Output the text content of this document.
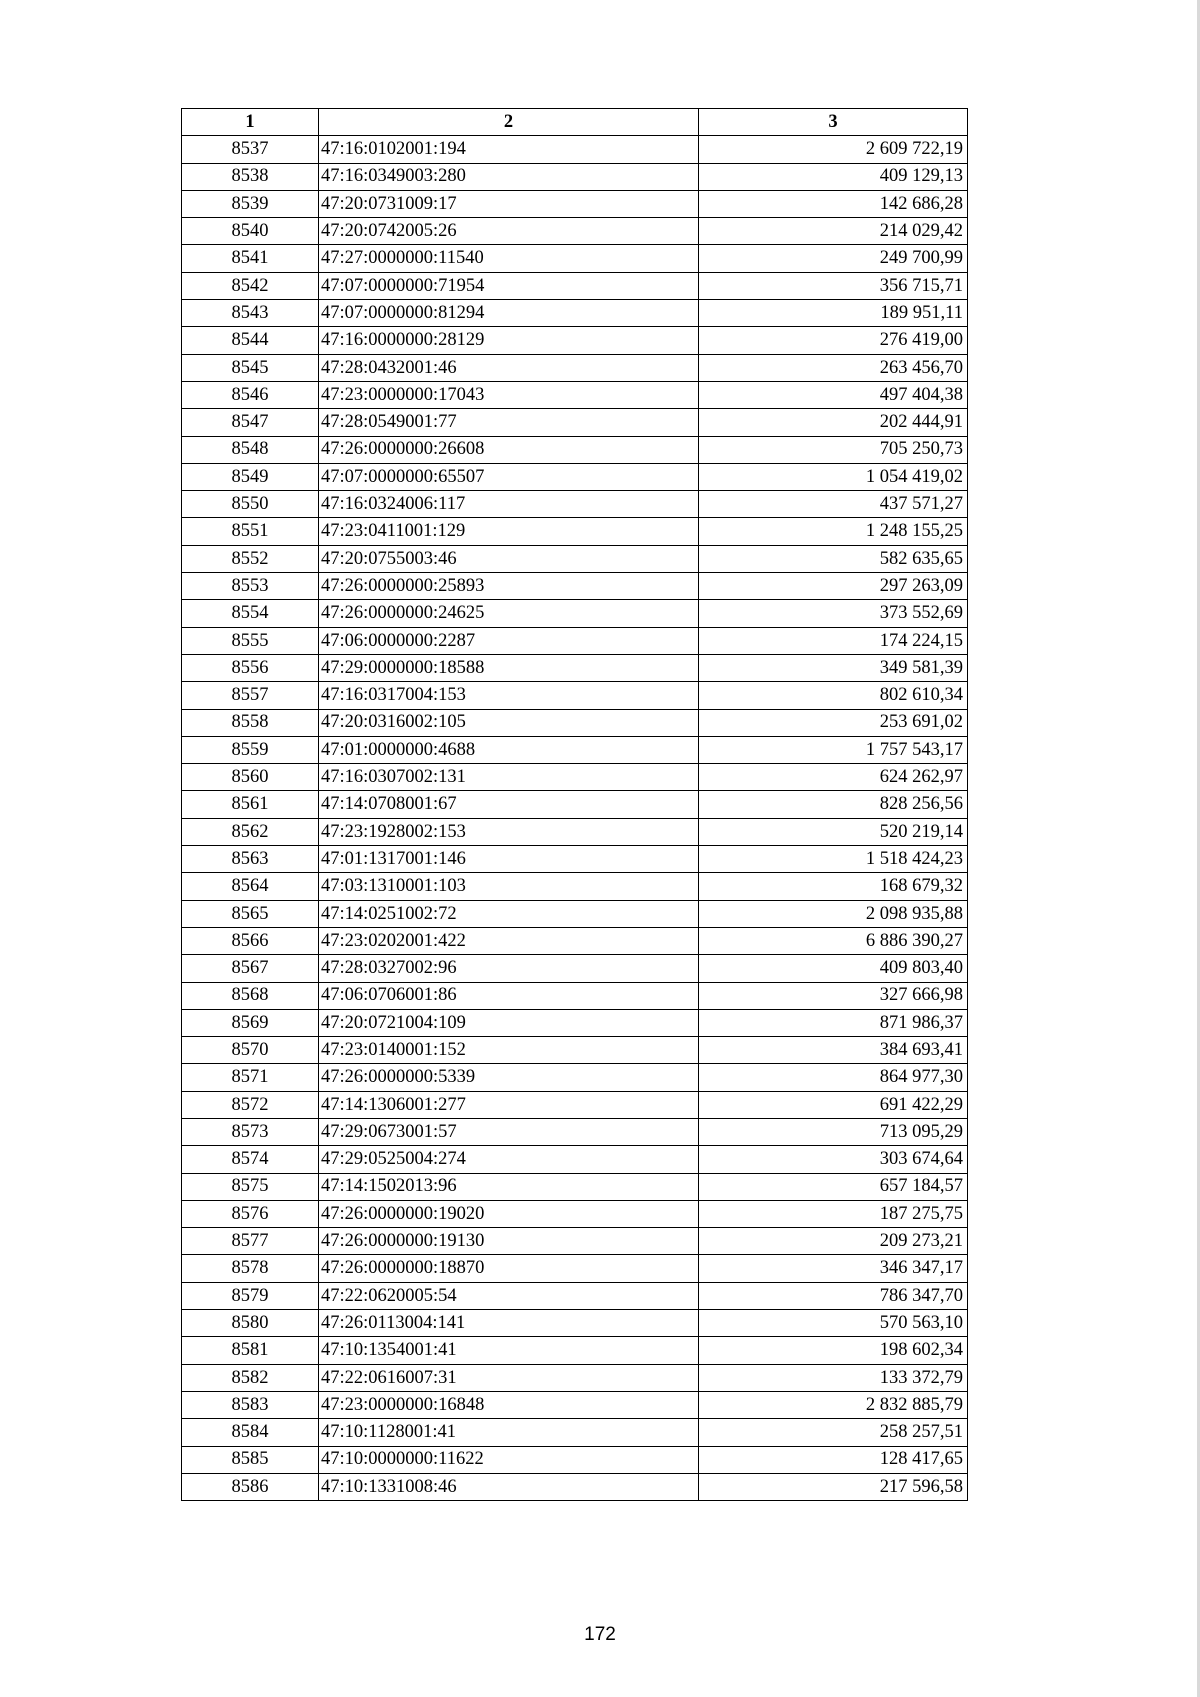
1	2	3
8537	47:16:0102001:194	2 609 722,19
8538	47:16:0349003:280	409 129,13
8539	47:20:0731009:17	142 686,28
8540	47:20:0742005:26	214 029,42
8541	47:27:0000000:11540	249 700,99
8542	47:07:0000000:71954	356 715,71
8543	47:07:0000000:81294	189 951,11
8544	47:16:0000000:28129	276 419,00
8545	47:28:0432001:46	263 456,70
8546	47:23:0000000:17043	497 404,38
8547	47:28:0549001:77	202 444,91
8548	47:26:0000000:26608	705 250,73
8549	47:07:0000000:65507	1 054 419,02
8550	47:16:0324006:117	437 571,27
8551	47:23:0411001:129	1 248 155,25
8552	47:20:0755003:46	582 635,65
8553	47:26:0000000:25893	297 263,09
8554	47:26:0000000:24625	373 552,69
8555	47:06:0000000:2287	174 224,15
8556	47:29:0000000:18588	349 581,39
8557	47:16:0317004:153	802 610,34
8558	47:20:0316002:105	253 691,02
8559	47:01:0000000:4688	1 757 543,17
8560	47:16:0307002:131	624 262,97
8561	47:14:0708001:67	828 256,56
8562	47:23:1928002:153	520 219,14
8563	47:01:1317001:146	1 518 424,23
8564	47:03:1310001:103	168 679,32
8565	47:14:0251002:72	2 098 935,88
8566	47:23:0202001:422	6 886 390,27
8567	47:28:0327002:96	409 803,40
8568	47:06:0706001:86	327 666,98
8569	47:20:0721004:109	871 986,37
8570	47:23:0140001:152	384 693,41
8571	47:26:0000000:5339	864 977,30
8572	47:14:1306001:277	691 422,29
8573	47:29:0673001:57	713 095,29
8574	47:29:0525004:274	303 674,64
8575	47:14:1502013:96	657 184,57
8576	47:26:0000000:19020	187 275,75
8577	47:26:0000000:19130	209 273,21
8578	47:26:0000000:18870	346 347,17
8579	47:22:0620005:54	786 347,70
8580	47:26:0113004:141	570 563,10
8581	47:10:1354001:41	198 602,34
8582	47:22:0616007:31	133 372,79
8583	47:23:0000000:16848	2 832 885,79
8584	47:10:1128001:41	258 257,51
8585	47:10:0000000:11622	128 417,65
8586	47:10:1331008:46	217 596,58
172
